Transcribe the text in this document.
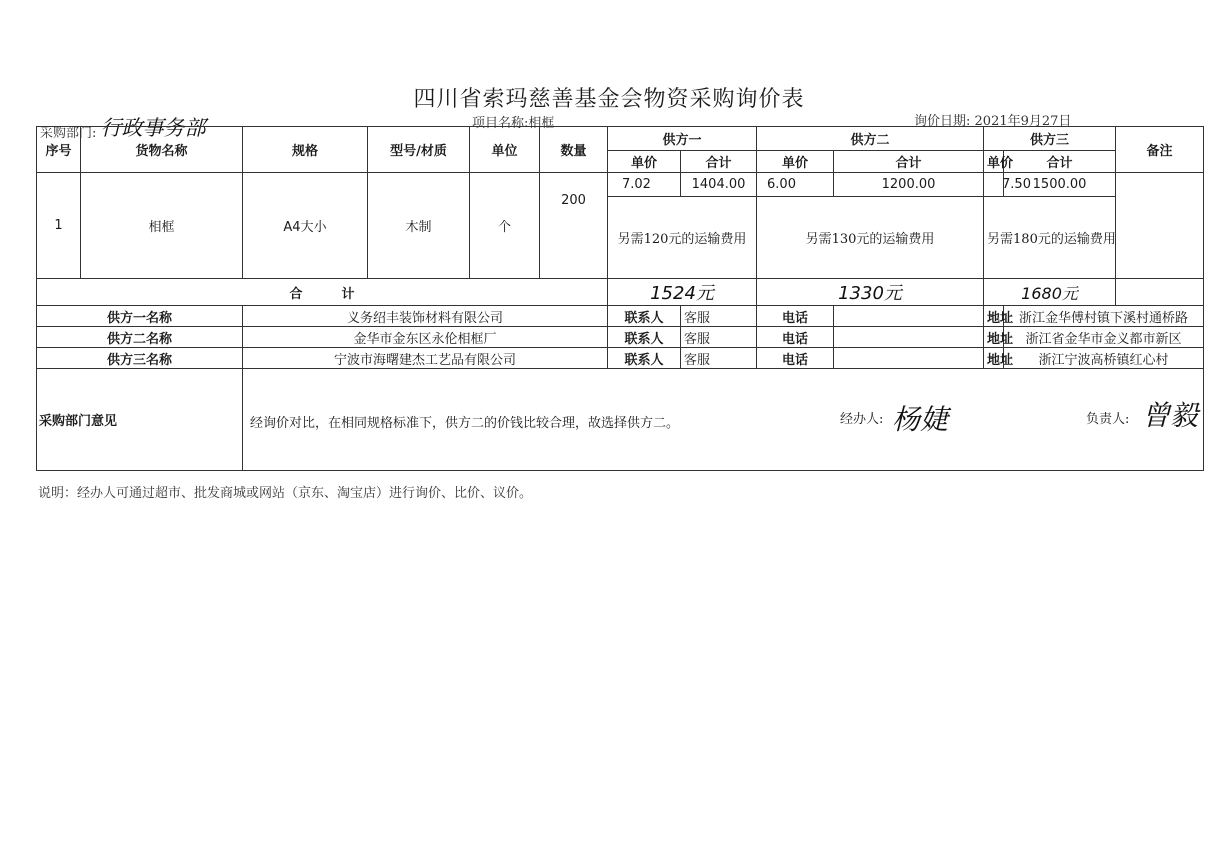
四川省索玛慈善基金会物资采购询价表
采购部门: 行政事务部	项目名称:相框	询价日期: 2021年9月27日
序号	货物名称	规格	型号/材质	单位	数量	供方一		供方二		供方三		备注
						单价	合计	单价	合计	单价	合计	
1	相框	A4大小	木制	个	200	7.02	1404.00	6.00	1200.00	7.50	1500.00	
						另需120元的运输费用		另需130元的运输费用		另需180元的运输费用		
合　　　计						1524元		1330元		1680元		
供方一名称		义务绍丰装饰材料有限公司				联系人	客服	电话		地址	浙江金华傅村镇下溪村通桥路	
供方二名称		金华市金东区永伦相框厂				联系人	客服	电话		地址	浙江省金华市金义都市新区	
供方三名称		宁波市海曙建杰工艺品有限公司				联系人	客服	电话		地址	浙江宁波高桥镇红心村	
采购部门意见		经询价对比，在相同规格标准下，供方二的价钱比较合理，故选择供方二。 经办人: 杨婕 负责人: 曾毅										
说明：经办人可通过超市、批发商城或网站（京东、淘宝店）进行询价、比价、议价。
